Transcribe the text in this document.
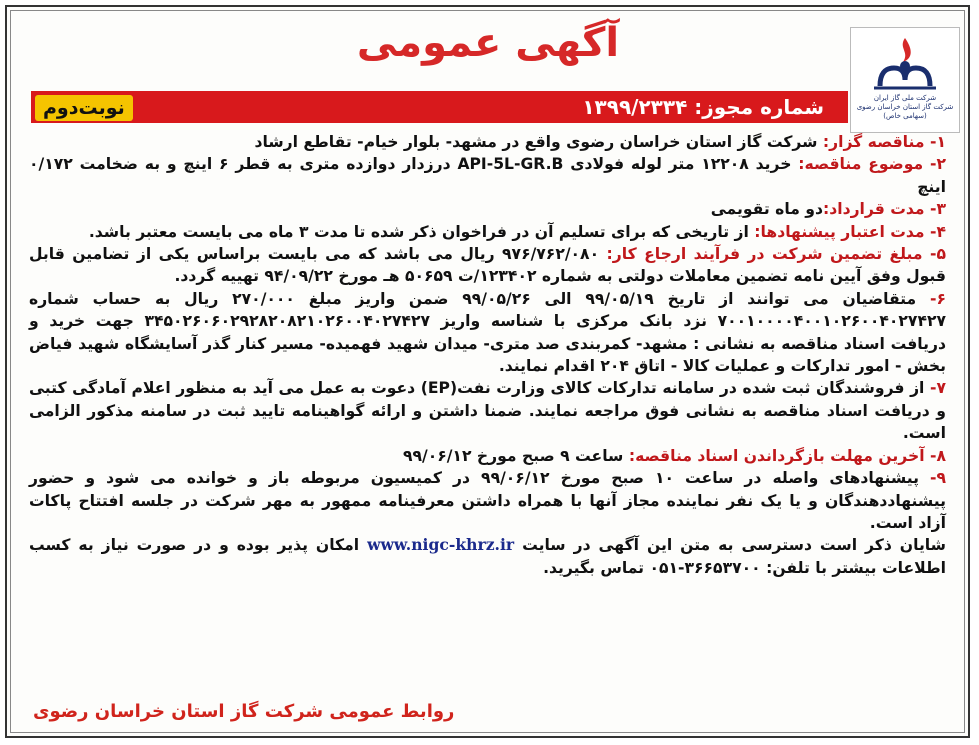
آگهی عمومی
شماره مجوز: ۱۳۹۹/۲۳۳۴
نوبت‌دوم	شرکت ملی گاز ایران
شرکت گاز استان خراسان رضوی
(سهامی خاص)

۱- مناقصه گزار: شرکت گاز استان خراسان رضوی واقع در مشهد- بلوار خیام- تقاطع ارشاد

۲- موضوع مناقصه: خرید ۱۲۲۰۸ متر لوله فولادی API-5L-GR.B درزدار دوازده متری به قطر ۶ اینچ و به ضخامت ۰/۱۷۲ اینچ

۳- مدت قرارداد:دو ماه تقویمی

۴- مدت اعتبار پیشنهادها: از تاریخی که برای تسلیم آن در فراخوان ذکر شده تا مدت ۳ ماه می بایست معتبر باشد.

۵- مبلغ تضمین شرکت در فرآیند ارجاع کار: ۹۷۶/۷۶۲/۰۸۰ ریال می باشد که می بایست براساس یکی از تضامین قابل قبول وفق آیین نامه تضمین معاملات دولتی به شماره ۱۲۳۴۰۲/ت ۵۰۶۵۹ هـ مورخ ۹۴/۰۹/۲۲ تهییه گردد.

۶- متقاضیان می توانند از تاریخ ۹۹/۰۵/۱۹ الی ۹۹/۰۵/۲۶ ضمن واریز مبلغ ۲۷۰/۰۰۰ ریال به حساب شماره ۷۰۰۱۰۰۰۰۴۰۰۱۰۲۶۰۰۴۰۲۷۴۲۷ نزد بانک مرکزی با شناسه واریز ۳۴۵۰۲۶۰۶۰۲۹۲۸۲۰۸۲۱۰۲۶۰۰۴۰۲۷۴۲۷ جهت خرید و دریافت اسناد مناقصه به نشانی : مشهد- کمربندی صد متری- میدان شهید فهمیده- مسیر کنار گذر آسایشگاه شهید فیاض بخش - امور تدارکات و عملیات کالا - اتاق ۲۰۴ اقدام نمایند.

۷- از فروشندگان ثبت شده در سامانه تدارکات کالای وزارت نفت(EP) دعوت به عمل می آید به منظور اعلام آمادگی کتبی و دریافت اسناد مناقصه به نشانی فوق مراجعه نمایند. ضمنا داشتن و ارائه گواهینامه تایید ثبت در سامنه مذکور الزامی است.

۸- آخرین مهلت بازگرداندن اسناد مناقصه: ساعت ۹ صبح مورخ ۹۹/۰۶/۱۲

۹- پیشنهادهای واصله در ساعت ۱۰ صبح مورخ ۹۹/۰۶/۱۲ در کمیسیون مربوطه باز و خوانده می شود و حضور پیشنهاددهندگان و یا یک نفر نماینده مجاز آنها با همراه داشتن معرفینامه ممهور به مهر شرکت در جلسه افتتاح پاکات آزاد است.

شایان ذکر است دسترسی به متن این آگهی در سایت www.nigc-khrz.ir امکان پذیر بوده و در صورت نیاز به کسب اطلاعات بیشتر با تلفن: ۳۶۶۵۳۷۰۰-۰۵۱ تماس بگیرید.

روابط عمومی شرکت گاز استان خراسان رضوی
